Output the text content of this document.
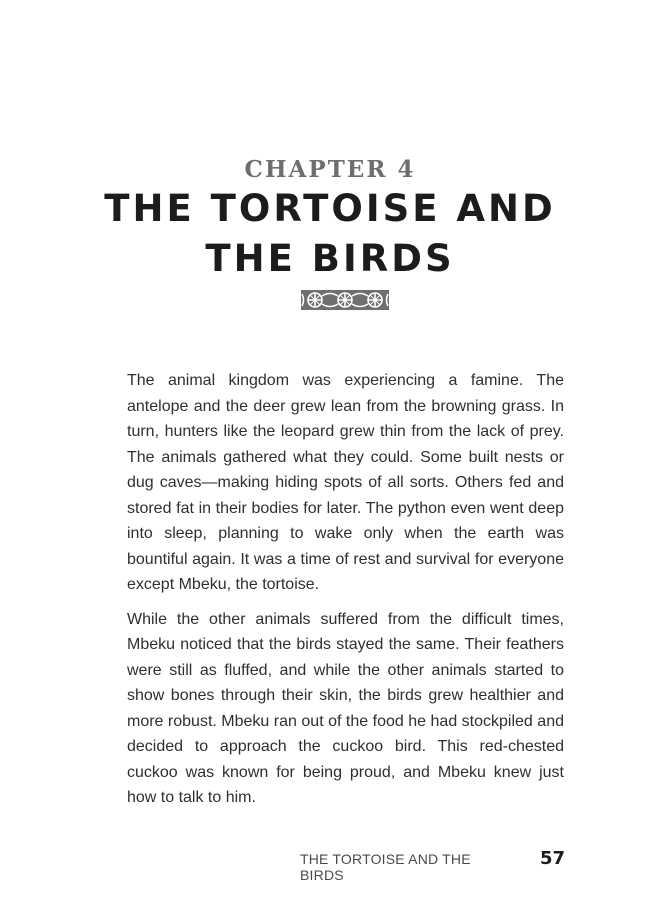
CHAPTER 4
THE TORTOISE AND THE BIRDS

The animal kingdom was experiencing a famine. The antelope and the deer grew lean from the browning grass. In turn, hunters like the leopard grew thin from the lack of prey. The animals gathered what they could. Some built nests or dug caves—making hiding spots of all sorts. Others fed and stored fat in their bodies for later. The python even went deep into sleep, planning to wake only when the earth was bountiful again. It was a time of rest and survival for everyone except Mbeku, the tortoise.

While the other animals suffered from the difficult times, Mbeku noticed that the birds stayed the same. Their feathers were still as fluffed, and while the other animals started to show bones through their skin, the birds grew healthier and more robust. Mbeku ran out of the food he had stockpiled and decided to approach the cuckoo bird. This red-chested cuckoo was known for being proud, and Mbeku knew just how to talk to him.

THE TORTOISE AND THE BIRDS
57
